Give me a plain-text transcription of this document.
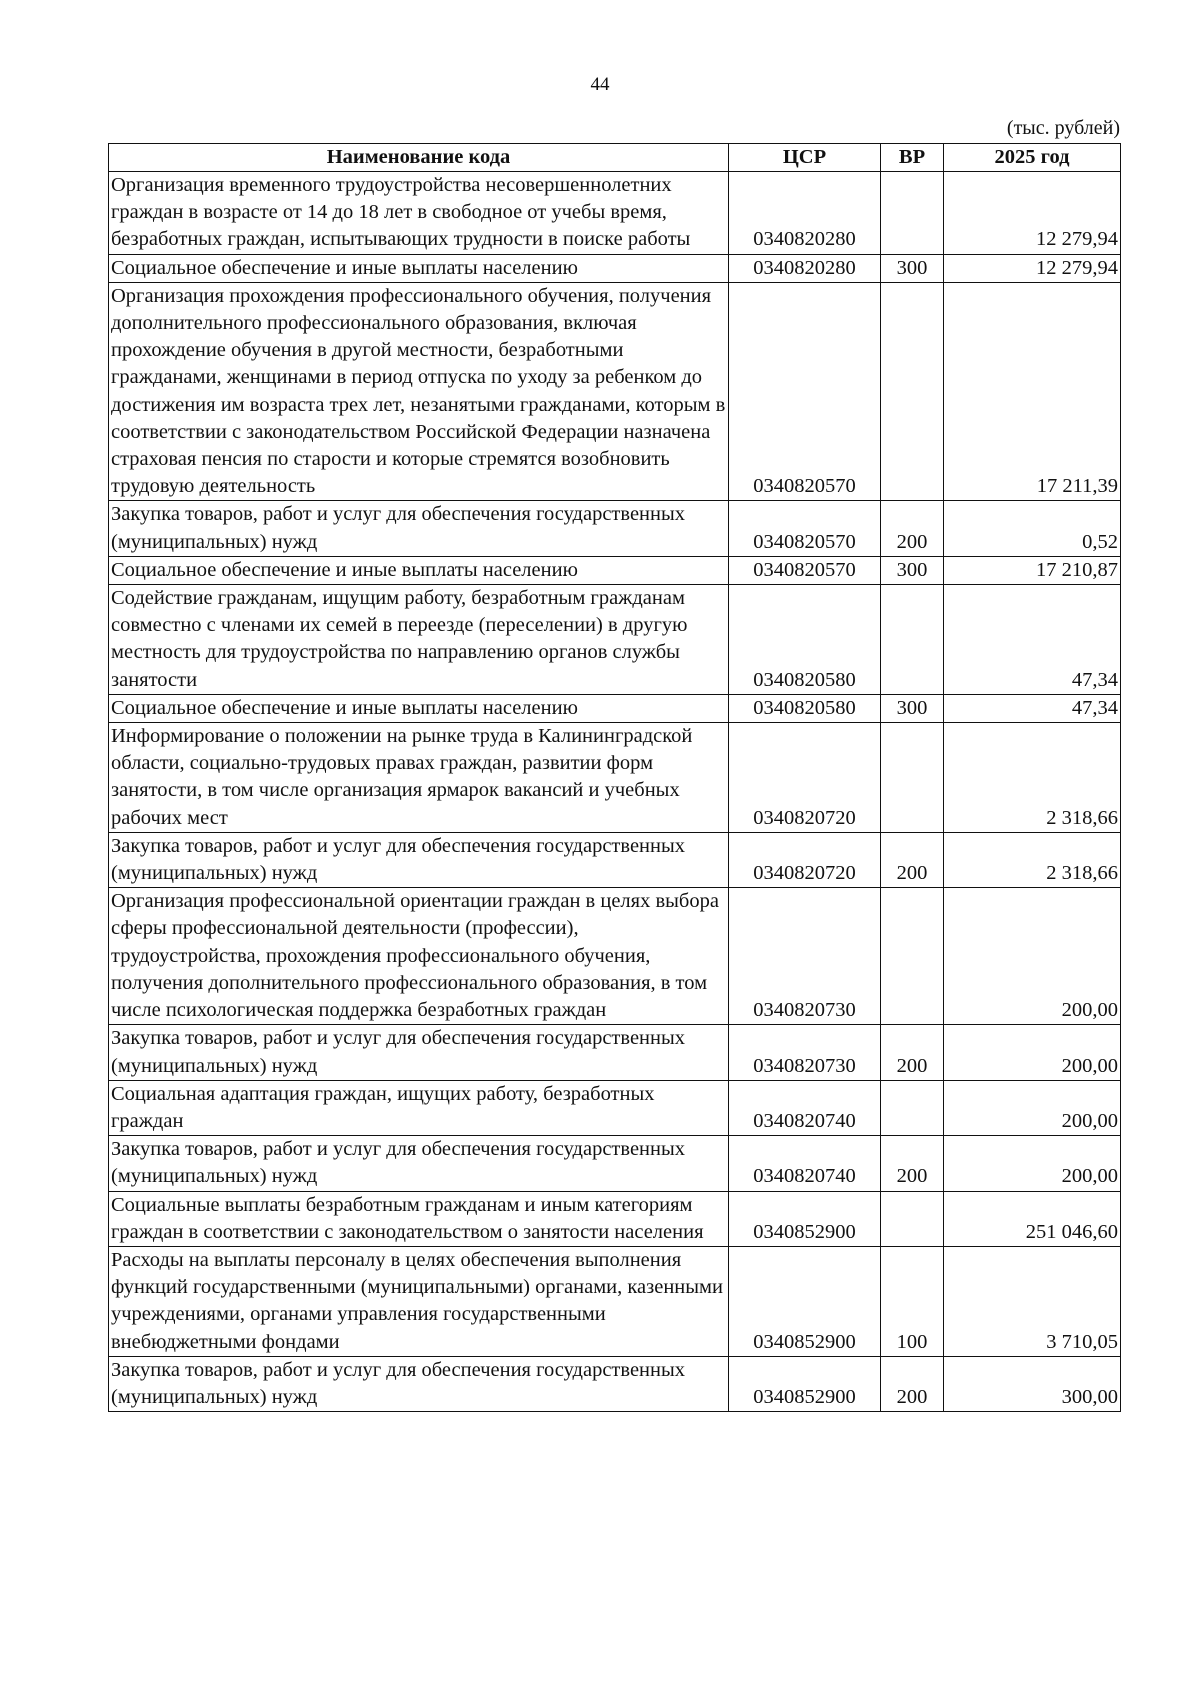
44
(тыс. рублей)
Наименование кода	ЦСР	ВР	2025 год
Организация временного трудоустройства несовершеннолетних граждан в возрасте от 14 до 18 лет в свободное от учебы время, безработных граждан, испытывающих трудности в поиске работы	0340820280		12 279,94
Социальное обеспечение и иные выплаты населению	0340820280	300	12 279,94
Организация прохождения профессионального обучения, получения дополнительного профессионального образования, включая прохождение обучения в другой местности, безработными гражданами, женщинами в период отпуска по уходу за ребенком до достижения им возраста трех лет, незанятыми гражданами, которым в соответствии с законодательством Российской Федерации назначена страховая пенсия по старости и которые стремятся возобновить трудовую деятельность	0340820570		17 211,39
Закупка товаров, работ и услуг для обеспечения государственных (муниципальных) нужд	0340820570	200	0,52
Социальное обеспечение и иные выплаты населению	0340820570	300	17 210,87
Содействие гражданам, ищущим работу, безработным гражданам совместно с членами их семей в переезде (переселении) в другую местность для трудоустройства по направлению органов службы занятости	0340820580		47,34
Социальное обеспечение и иные выплаты населению	0340820580	300	47,34
Информирование о положении на рынке труда в Калининградской области, социально-трудовых правах граждан, развитии форм занятости, в том числе организация ярмарок вакансий и учебных рабочих мест	0340820720		2 318,66
Закупка товаров, работ и услуг для обеспечения государственных (муниципальных) нужд	0340820720	200	2 318,66
Организация профессиональной ориентации граждан в целях выбора сферы профессиональной деятельности (профессии), трудоустройства, прохождения профессионального обучения, получения дополнительного профессионального образования, в том числе психологическая поддержка безработных граждан	0340820730		200,00
Закупка товаров, работ и услуг для обеспечения государственных (муниципальных) нужд	0340820730	200	200,00
Социальная адаптация граждан, ищущих работу, безработных граждан	0340820740		200,00
Закупка товаров, работ и услуг для обеспечения государственных (муниципальных) нужд	0340820740	200	200,00
Социальные выплаты безработным гражданам и иным категориям граждан в соответствии с законодательством о занятости населения	0340852900		251 046,60
Расходы на выплаты персоналу в целях обеспечения выполнения функций государственными (муниципальными) органами, казенными учреждениями, органами управления государственными внебюджетными фондами	0340852900	100	3 710,05
Закупка товаров, работ и услуг для обеспечения государственных (муниципальных) нужд	0340852900	200	300,00
